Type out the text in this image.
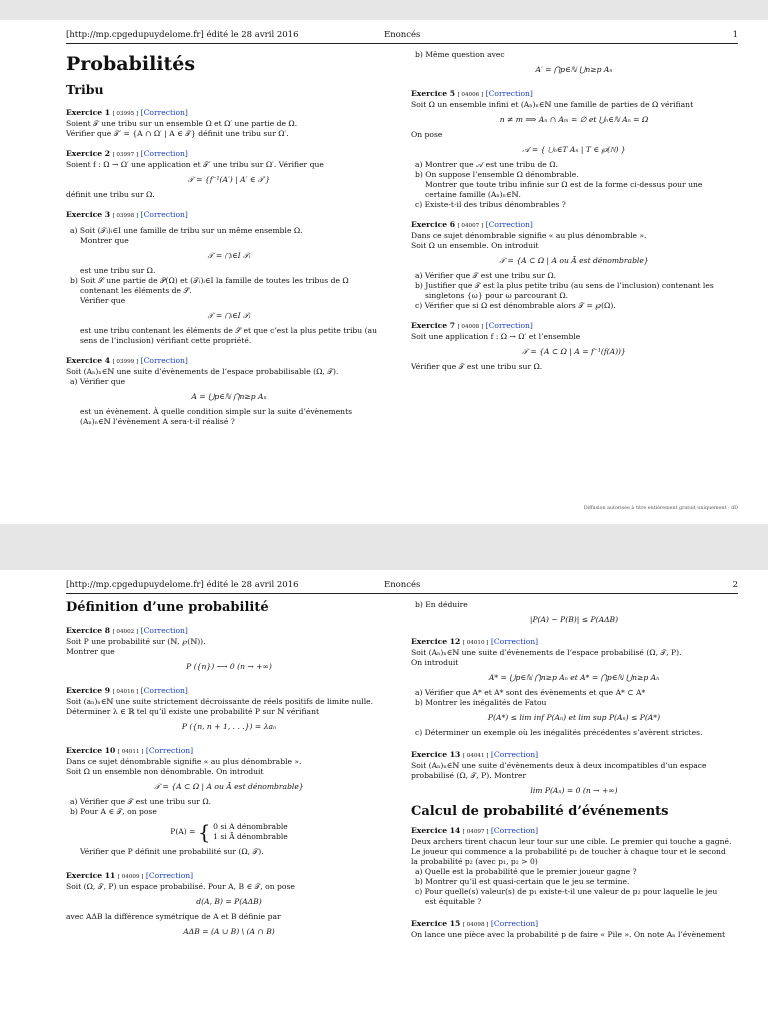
[http://mp.cpgedupuydelome.fr] édité le 28 avril 2016	Enoncés	1
Probabilités
Tribu
Exercice 1 [ 03995 ] [Correction]
Soient 𝒯 une tribu sur un ensemble Ω et Ω′ une partie de Ω.
Vérifier que 𝒯′ = {A ∩ Ω′ | A ∈ 𝒯} définit une tribu sur Ω′.
Exercice 2 [ 03997 ] [Correction]
Soient f : Ω → Ω′ une application et 𝒯′ une tribu sur Ω′. Vérifier que
𝒯 = {f⁻¹(A′) | A′ ∈ 𝒯′}
définit une tribu sur Ω.
Exercice 3 [ 03998 ] [Correction]
a) Soit (𝒯ᵢ)ᵢ∈I une famille de tribu sur un même ensemble Ω.
Montrer que
𝒯 = ⋂ᵢ∈I 𝒯ᵢ
est une tribu sur Ω.
b) Soit 𝒮 une partie de 𝒫(Ω) et (𝒯ᵢ)ᵢ∈I la famille de toutes les tribus de Ω
contenant les éléments de 𝒮.
Vérifier que
𝒯 = ⋂ᵢ∈I 𝒯ᵢ
est une tribu contenant les éléments de 𝒮 et que c’est la plus petite tribu (au
sens de l’inclusion) vérifiant cette propriété.
Exercice 4 [ 03999 ] [Correction]
Soit (Aₙ)ₙ∈ℕ une suite d’évènements de l’espace probabilisable (Ω, 𝒯).
a) Vérifier que
A = ⋃p∈ℕ ⋂n≥p Aₙ
est un évènement. À quelle condition simple sur la suite d’évènements
(Aₙ)ₙ∈ℕ l’évènement A sera-t-il réalisé ?
b) Même question avec
A′ = ⋂p∈ℕ ⋃n≥p Aₙ
Exercice 5 [ 04006 ] [Correction]
Soit Ω un ensemble infini et (Aₙ)ₙ∈ℕ une famille de parties de Ω vérifiant
n ≠ m ⟹ Aₙ ∩ Aₘ = ∅ et ⋃ₙ∈ℕ Aₙ = Ω
On pose
𝒜 = { ⋃ₙ∈T Aₙ | T ∈ ℘(ℕ) }
a) Montrer que 𝒜 est une tribu de Ω.
b) On suppose l’ensemble Ω dénombrable.
Montrer que toute tribu infinie sur Ω est de la forme ci-dessus pour une
certaine famille (Aₙ)ₙ∈ℕ.
c) Existe-t-il des tribus dénombrables ?
Exercice 6 [ 04007 ] [Correction]
Dans ce sujet dénombrable signifie « au plus dénombrable ».
Soit Ω un ensemble. On introduit
𝒯 = {A ⊂ Ω | A ou Ā est dénombrable}
a) Vérifier que 𝒯 est une tribu sur Ω.
b) Justifier que 𝒯 est la plus petite tribu (au sens de l’inclusion) contenant les
singletons {ω} pour ω parcourant Ω.
c) Vérifier que si Ω est dénombrable alors 𝒯 = ℘(Ω).
Exercice 7 [ 04008 ] [Correction]
Soit une application f : Ω → Ω′ et l’ensemble
𝒯 = {A ⊂ Ω | A = f⁻¹(f(A))}
Vérifier que 𝒯 est une tribu sur Ω.
Diffusion autorisée à titre entièrement gratuit uniquement - dD
[http://mp.cpgedupuydelome.fr] édité le 28 avril 2016	Enoncés	2
Définition d’une probabilité
Exercice 8 [ 04002 ] [Correction]
Soit P une probabilité sur (ℕ, ℘(ℕ)).
Montrer que
P ({n}) ⟶ 0 (n → +∞)
Exercice 9 [ 04016 ] [Correction]
Soit (aₙ)ₙ∈ℕ une suite strictement décroissante de réels positifs de limite nulle.
Déterminer λ ∈ ℝ tel qu’il existe une probabilité P sur ℕ vérifiant
P ({n, n + 1, . . .}) = λaₙ
Exercice 10 [ 04011 ] [Correction]
Dans ce sujet dénombrable signifie « au plus dénombrable ».
Soit Ω un ensemble non dénombrable. On introduit
𝒯 = {A ⊂ Ω | A ou Ā est dénombrable}
a) Vérifier que 𝒯 est une tribu sur Ω.
b) Pour A ∈ 𝒯, on pose
P(A) = { 0 si A dénombrable
1 si Ā dénombrable
Vérifier que P définit une probabilité sur (Ω, 𝒯).
Exercice 11 [ 04009 ] [Correction]
Soit (Ω, 𝒯, P) un espace probabilisé. Pour A, B ∈ 𝒯, on pose
d(A, B) = P(AΔB)
avec AΔB la différence symétrique de A et B définie par
AΔB = (A ∪ B) \ (A ∩ B)
b) En déduire
|P(A) − P(B)| ≤ P(AΔB)
Exercice 12 [ 04010 ] [Correction]
Soit (Aₙ)ₙ∈ℕ une suite d’évènements de l’espace probabilisé (Ω, 𝒯, P).
On introduit
A* = ⋃p∈ℕ ⋂n≥p Aₙ et A* = ⋂p∈ℕ ⋃n≥p Aₙ
a) Vérifier que A* et A* sont des évènements et que A* ⊂ A*
b) Montrer les inégalités de Fatou
P(A*) ≤ lim inf P(Aₙ) et lim sup P(Aₙ) ≤ P(A*)
c) Déterminer un exemple où les inégalités précédentes s’avèrent strictes.
Exercice 13 [ 04041 ] [Correction]
Soit (Aₙ)ₙ∈ℕ une suite d’évènements deux à deux incompatibles d’un espace
probabilisé (Ω, 𝒯, P). Montrer
lim P(Aₙ) = 0 (n → +∞)
Calcul de probabilité d’événements
Exercice 14 [ 04097 ] [Correction]
Deux archers tirent chacun leur tour sur une cible. Le premier qui touche a gagné.
Le joueur qui commence a la probabilité p₁ de toucher à chaque tour et le second
la probabilité p₂ (avec p₁, p₂ > 0)
a) Quelle est la probabilité que le premier joueur gagne ?
b) Montrer qu’il est quasi-certain que le jeu se termine.
c) Pour quelle(s) valeur(s) de p₁ existe-t-il une valeur de p₂ pour laquelle le jeu
est équitable ?
Exercice 15 [ 04098 ] [Correction]
On lance une pièce avec la probabilité p de faire « Pile ». On note Aₙ l’évènement
